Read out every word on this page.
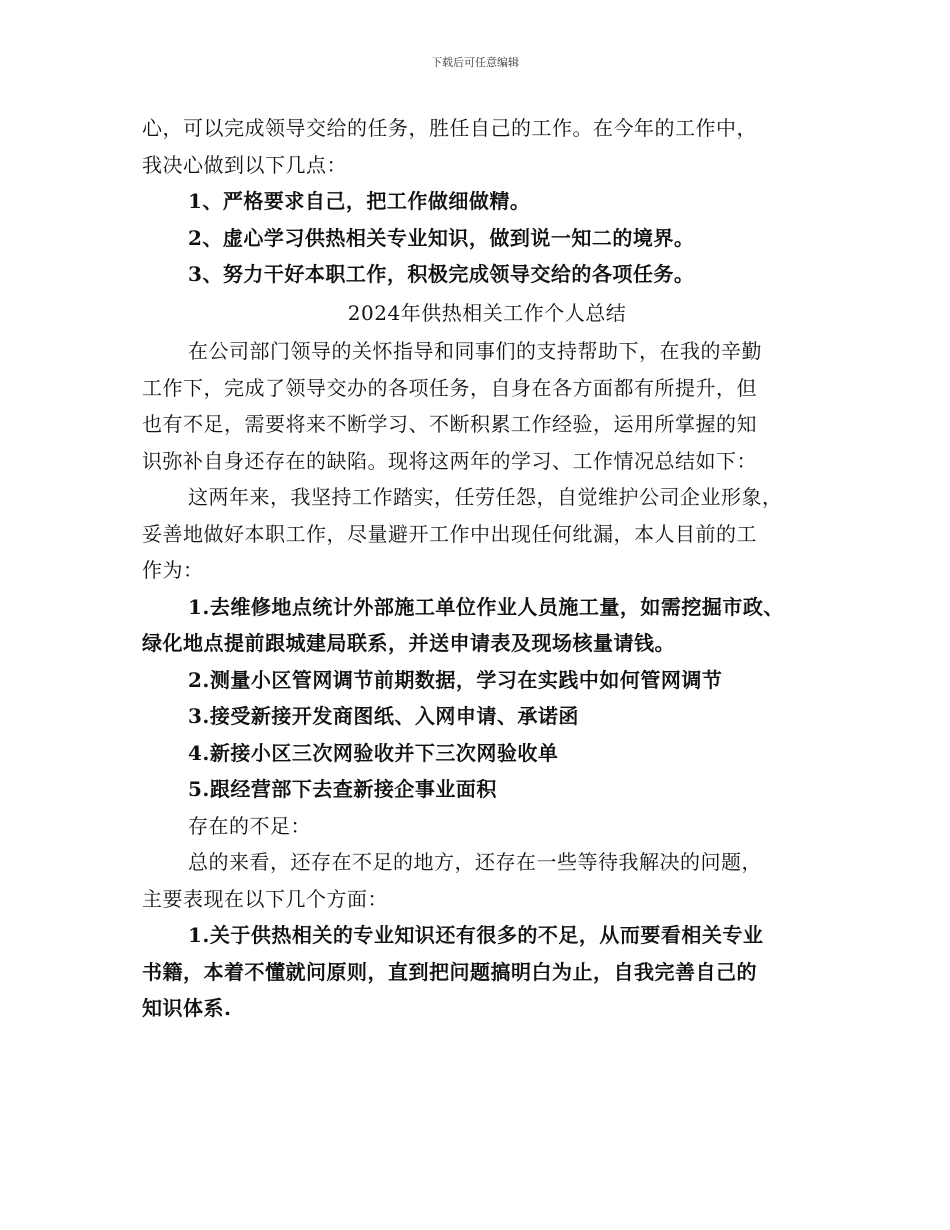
下载后可任意编辑
心，可以完成领导交给的任务，胜任自己的工作。在今年的工作中，
我决心做到以下几点：
1、严格要求自己，把工作做细做精。
2、虚心学习供热相关专业知识，做到说一知二的境界。
3、努力干好本职工作，积极完成领导交给的各项任务。
2024年供热相关工作个人总结
在公司部门领导的关怀指导和同事们的支持帮助下，在我的辛勤
工作下，完成了领导交办的各项任务，自身在各方面都有所提升，但
也有不足，需要将来不断学习、不断积累工作经验，运用所掌握的知
识弥补自身还存在的缺陷。现将这两年的学习、工作情况总结如下：
这两年来，我坚持工作踏实，任劳任怨，自觉维护公司企业形象，
妥善地做好本职工作，尽量避开工作中出现任何纰漏，本人目前的工
作为：
1.去维修地点统计外部施工单位作业人员施工量，如需挖掘市政、
绿化地点提前跟城建局联系，并送申请表及现场核量请钱。
2.测量小区管网调节前期数据，学习在实践中如何管网调节
3.接受新接开发商图纸、入网申请、承诺函
4.新接小区三次网验收并下三次网验收单
5.跟经营部下去查新接企事业面积
存在的不足：
总的来看，还存在不足的地方，还存在一些等待我解决的问题，
主要表现在以下几个方面：
1.关于供热相关的专业知识还有很多的不足，从而要看相关专业
书籍，本着不懂就问原则，直到把问题搞明白为止，自我完善自己的
知识体系.
